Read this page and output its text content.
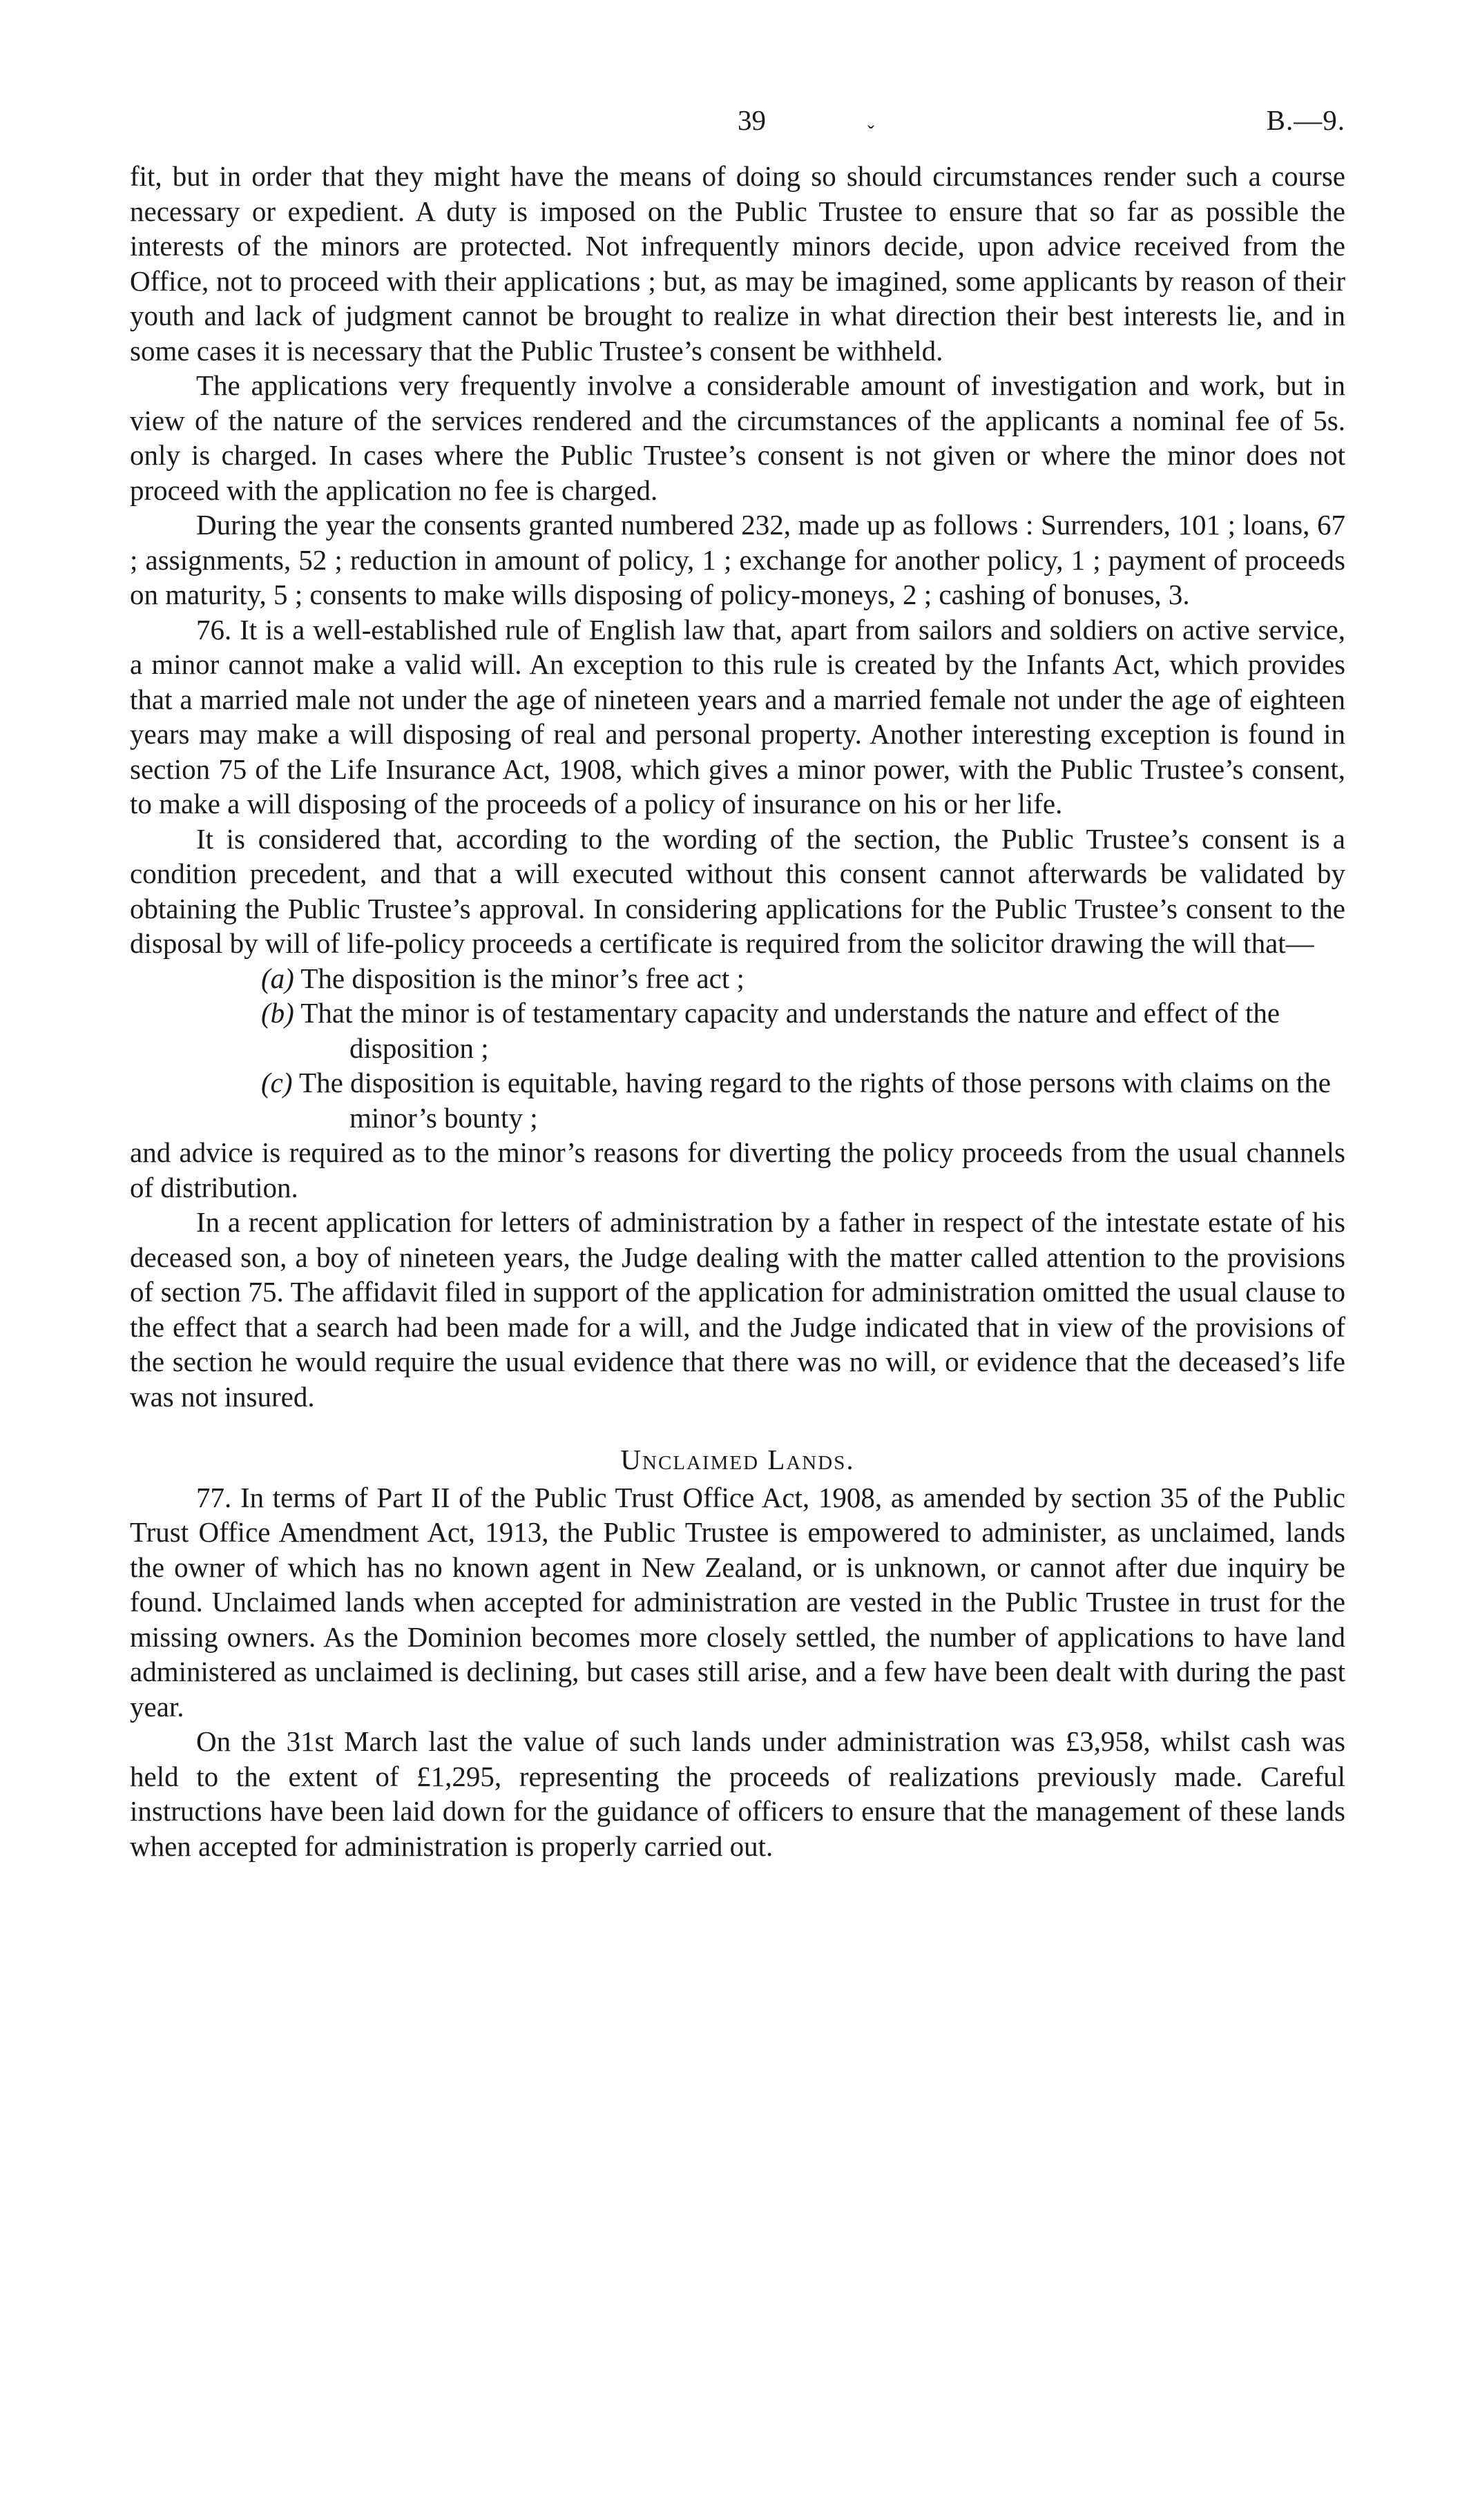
39	ˇ	B.—9.

fit, but in order that they might have the means of doing so should circumstances render such a course necessary or expedient. A duty is imposed on the Public Trustee to ensure that so far as possible the interests of the minors are protected. Not infrequently minors decide, upon advice received from the Office, not to proceed with their applications ; but, as may be imagined, some applicants by reason of their youth and lack of judgment cannot be brought to realize in what direction their best interests lie, and in some cases it is necessary that the Public Trustee’s consent be withheld.

The applications very frequently involve a considerable amount of investigation and work, but in view of the nature of the services rendered and the circumstances of the applicants a nominal fee of 5s. only is charged. In cases where the Public Trustee’s consent is not given or where the minor does not proceed with the application no fee is charged.

During the year the consents granted numbered 232, made up as follows : Surrenders, 101 ; loans, 67 ; assignments, 52 ; reduction in amount of policy, 1 ; exchange for another policy, 1 ; payment of proceeds on maturity, 5 ; consents to make wills disposing of policy-moneys, 2 ; cashing of bonuses, 3.

76. It is a well-established rule of English law that, apart from sailors and soldiers on active service, a minor cannot make a valid will. An exception to this rule is created by the Infants Act, which provides that a married male not under the age of nineteen years and a married female not under the age of eighteen years may make a will disposing of real and personal property. Another interesting exception is found in section 75 of the Life Insurance Act, 1908, which gives a minor power, with the Public Trustee’s consent, to make a will disposing of the proceeds of a policy of insurance on his or her life.

It is considered that, according to the wording of the section, the Public Trustee’s consent is a condition precedent, and that a will executed without this consent cannot afterwards be validated by obtaining the Public Trustee’s approval. In considering applications for the Public Trustee’s consent to the disposal by will of life-policy proceeds a certificate is required from the solicitor drawing the will that—

(a) The disposition is the minor’s free act ;
(b) That the minor is of testamentary capacity and understands the nature and effect of the disposition ;
(c) The disposition is equitable, having regard to the rights of those persons with claims on the minor’s bounty ;

and advice is required as to the minor’s reasons for diverting the policy proceeds from the usual channels of distribution.

In a recent application for letters of administration by a father in respect of the intestate estate of his deceased son, a boy of nineteen years, the Judge dealing with the matter called attention to the provisions of section 75. The affidavit filed in support of the application for administration omitted the usual clause to the effect that a search had been made for a will, and the Judge indicated that in view of the provisions of the section he would require the usual evidence that there was no will, or evidence that the deceased’s life was not insured.

Unclaimed Lands.

77. In terms of Part II of the Public Trust Office Act, 1908, as amended by section 35 of the Public Trust Office Amendment Act, 1913, the Public Trustee is empowered to administer, as unclaimed, lands the owner of which has no known agent in New Zealand, or is unknown, or cannot after due inquiry be found. Unclaimed lands when accepted for administration are vested in the Public Trustee in trust for the missing owners. As the Dominion becomes more closely settled, the number of applications to have land administered as unclaimed is declining, but cases still arise, and a few have been dealt with during the past year.

On the 31st March last the value of such lands under administration was £3,958, whilst cash was held to the extent of £1,295, representing the proceeds of realizations previously made. Careful instructions have been laid down for the guidance of officers to ensure that the management of these lands when accepted for administration is properly carried out.
